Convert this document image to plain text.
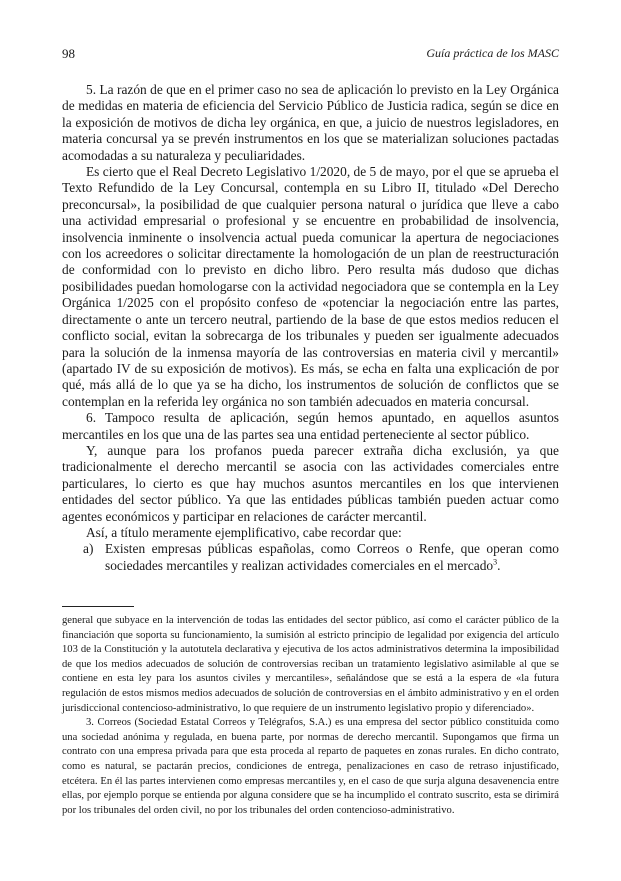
98	Guía práctica de los MASC

5. La razón de que en el primer caso no sea de aplicación lo previsto en la Ley Orgánica de medidas en materia de eficiencia del Servicio Público de Justicia radica, según se dice en la exposición de motivos de dicha ley orgánica, en que, a juicio de nuestros legisladores, en materia concursal ya se prevén instrumentos en los que se materializan soluciones pactadas acomodadas a su naturaleza y peculiaridades.

Es cierto que el Real Decreto Legislativo 1/2020, de 5 de mayo, por el que se aprueba el Texto Refundido de la Ley Concursal, contempla en su Libro II, titulado «Del Derecho preconcursal», la posibilidad de que cualquier persona natural o jurídica que lleve a cabo una actividad empresarial o profesional y se encuentre en probabilidad de insolvencia, insolvencia inminente o insolvencia actual pueda comunicar la apertura de negociaciones con los acreedores o solicitar directamente la homologación de un plan de reestructuración de conformidad con lo previsto en dicho libro. Pero resulta más dudoso que dichas posibilidades puedan homologarse con la actividad negociadora que se contempla en la Ley Orgánica 1/2025 con el propósito confeso de «potenciar la negociación entre las partes, directamente o ante un tercero neutral, partiendo de la base de que estos medios reducen el conflicto social, evitan la sobrecarga de los tribunales y pueden ser igualmente adecuados para la solución de la inmensa mayoría de las controversias en materia civil y mercantil» (apartado IV de su exposición de motivos). Es más, se echa en falta una explicación de por qué, más allá de lo que ya se ha dicho, los instrumentos de solución de conflictos que se contemplan en la referida ley orgánica no son también adecuados en materia concursal.

6. Tampoco resulta de aplicación, según hemos apuntado, en aquellos asuntos mercantiles en los que una de las partes sea una entidad perteneciente al sector público.

Y, aunque para los profanos pueda parecer extraña dicha exclusión, ya que tradicionalmente el derecho mercantil se asocia con las actividades comerciales entre particulares, lo cierto es que hay muchos asuntos mercantiles en los que intervienen entidades del sector público. Ya que las entidades públicas también pueden actuar como agentes económicos y participar en relaciones de carácter mercantil.

Así, a título meramente ejemplificativo, cabe recordar que:

a) Existen empresas públicas españolas, como Correos o Renfe, que operan como sociedades mercantiles y realizan actividades comerciales en el mercado$^3$.

general que subyace en la intervención de todas las entidades del sector público, así como el carácter público de la financiación que soporta su funcionamiento, la sumisión al estricto principio de legalidad por exigencia del artículo 103 de la Constitución y la autotutela declarativa y ejecutiva de los actos administrativos determina la imposibilidad de que los medios adecuados de solución de controversias reciban un tratamiento legislativo asimilable al que se contiene en esta ley para los asuntos civiles y mercantiles», señalándose que se está a la espera de «la futura regulación de estos mismos medios adecuados de solución de controversias en el ámbito administrativo y en el orden jurisdiccional contencioso-administrativo, lo que requiere de un instrumento legislativo propio y diferenciado».

3. Correos (Sociedad Estatal Correos y Telégrafos, S.A.) es una empresa del sector público constituida como una sociedad anónima y regulada, en buena parte, por normas de derecho mercantil. Supongamos que firma un contrato con una empresa privada para que esta proceda al reparto de paquetes en zonas rurales. En dicho contrato, como es natural, se pactarán precios, condiciones de entrega, penalizaciones en caso de retraso injustificado, etcétera. En él las partes intervienen como empresas mercantiles y, en el caso de que surja alguna desavenencia entre ellas, por ejemplo porque se entienda por alguna considere que se ha incumplido el contrato suscrito, esta se dirimirá por los tribunales del orden civil, no por los tribunales del orden contencioso-administrativo.
